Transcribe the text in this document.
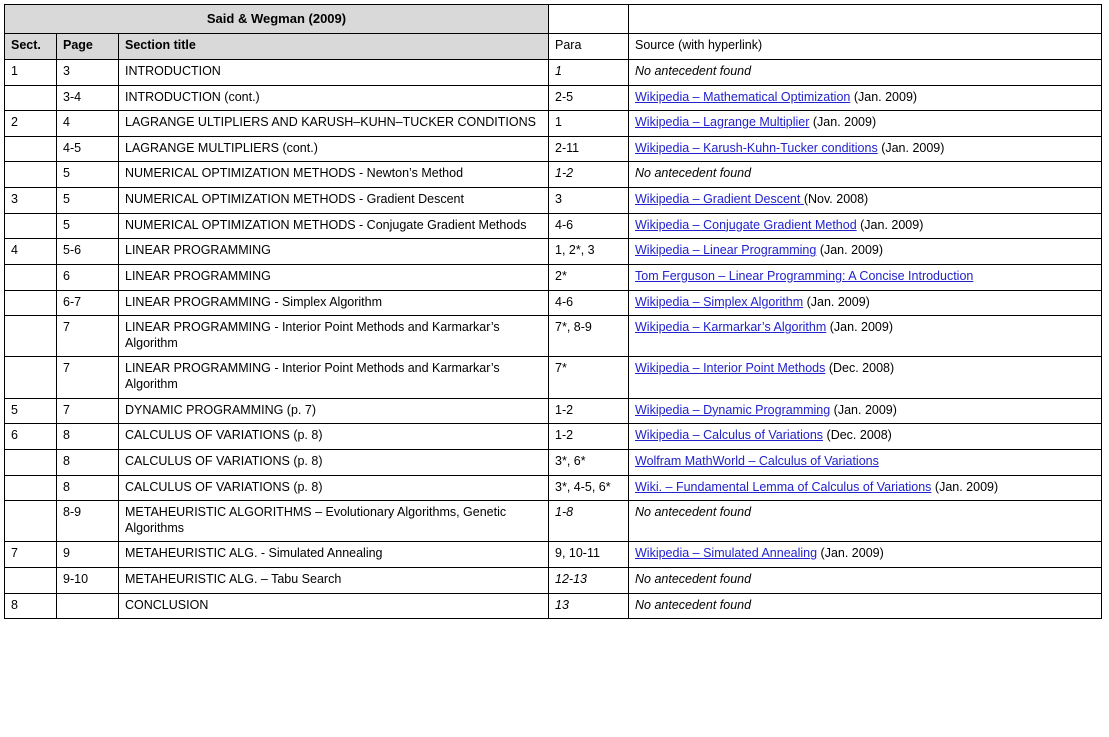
Said & Wegman (2009)				
Sect.	Page	Section title	Para	Source (with hyperlink)
1	3	INTRODUCTION	1	No antecedent found
	3-4	INTRODUCTION (cont.)	2-5	Wikipedia – Mathematical Optimization (Jan. 2009)
2	4	LAGRANGE ULTIPLIERS AND KARUSH–KUHN–TUCKER CONDITIONS	1	Wikipedia – Lagrange Multiplier (Jan. 2009)
	4-5	LAGRANGE MULTIPLIERS (cont.)	2-11	Wikipedia – Karush-Kuhn-Tucker conditions (Jan. 2009)
	5	NUMERICAL OPTIMIZATION METHODS - Newton’s Method	1-2	No antecedent found
3	5	NUMERICAL OPTIMIZATION METHODS - Gradient Descent	3	Wikipedia – Gradient Descent (Nov. 2008)
	5	NUMERICAL OPTIMIZATION METHODS - Conjugate Gradient Methods	4-6	Wikipedia – Conjugate Gradient Method (Jan. 2009)
4	5-6	LINEAR PROGRAMMING	1, 2*, 3	Wikipedia – Linear Programming (Jan. 2009)
	6	LINEAR PROGRAMMING	2*	Tom Ferguson – Linear Programming: A Concise Introduction
	6-7	LINEAR PROGRAMMING - Simplex Algorithm	4-6	Wikipedia – Simplex Algorithm (Jan. 2009)
	7	LINEAR PROGRAMMING - Interior Point Methods and Karmarkar’s Algorithm	7*, 8-9	Wikipedia – Karmarkar’s Algorithm (Jan. 2009)
	7	LINEAR PROGRAMMING - Interior Point Methods and Karmarkar’s Algorithm	7*	Wikipedia – Interior Point Methods (Dec. 2008)
5	7	DYNAMIC PROGRAMMING (p. 7)	1-2	Wikipedia – Dynamic Programming (Jan. 2009)
6	8	CALCULUS OF VARIATIONS (p. 8)	1-2	Wikipedia – Calculus of Variations (Dec. 2008)
	8	CALCULUS OF VARIATIONS (p. 8)	3*, 6*	Wolfram MathWorld – Calculus of Variations
	8	CALCULUS OF VARIATIONS (p. 8)	3*, 4-5, 6*	Wiki. – Fundamental Lemma of Calculus of Variations (Jan. 2009)
	8-9	METAHEURISTIC ALGORITHMS – Evolutionary Algorithms, Genetic Algorithms	1-8	No antecedent found
7	9	METAHEURISTIC ALG. - Simulated Annealing	9, 10-11	Wikipedia – Simulated Annealing (Jan. 2009)
	9-10	METAHEURISTIC ALG. – Tabu Search	12-13	No antecedent found
8		CONCLUSION	13	No antecedent found
